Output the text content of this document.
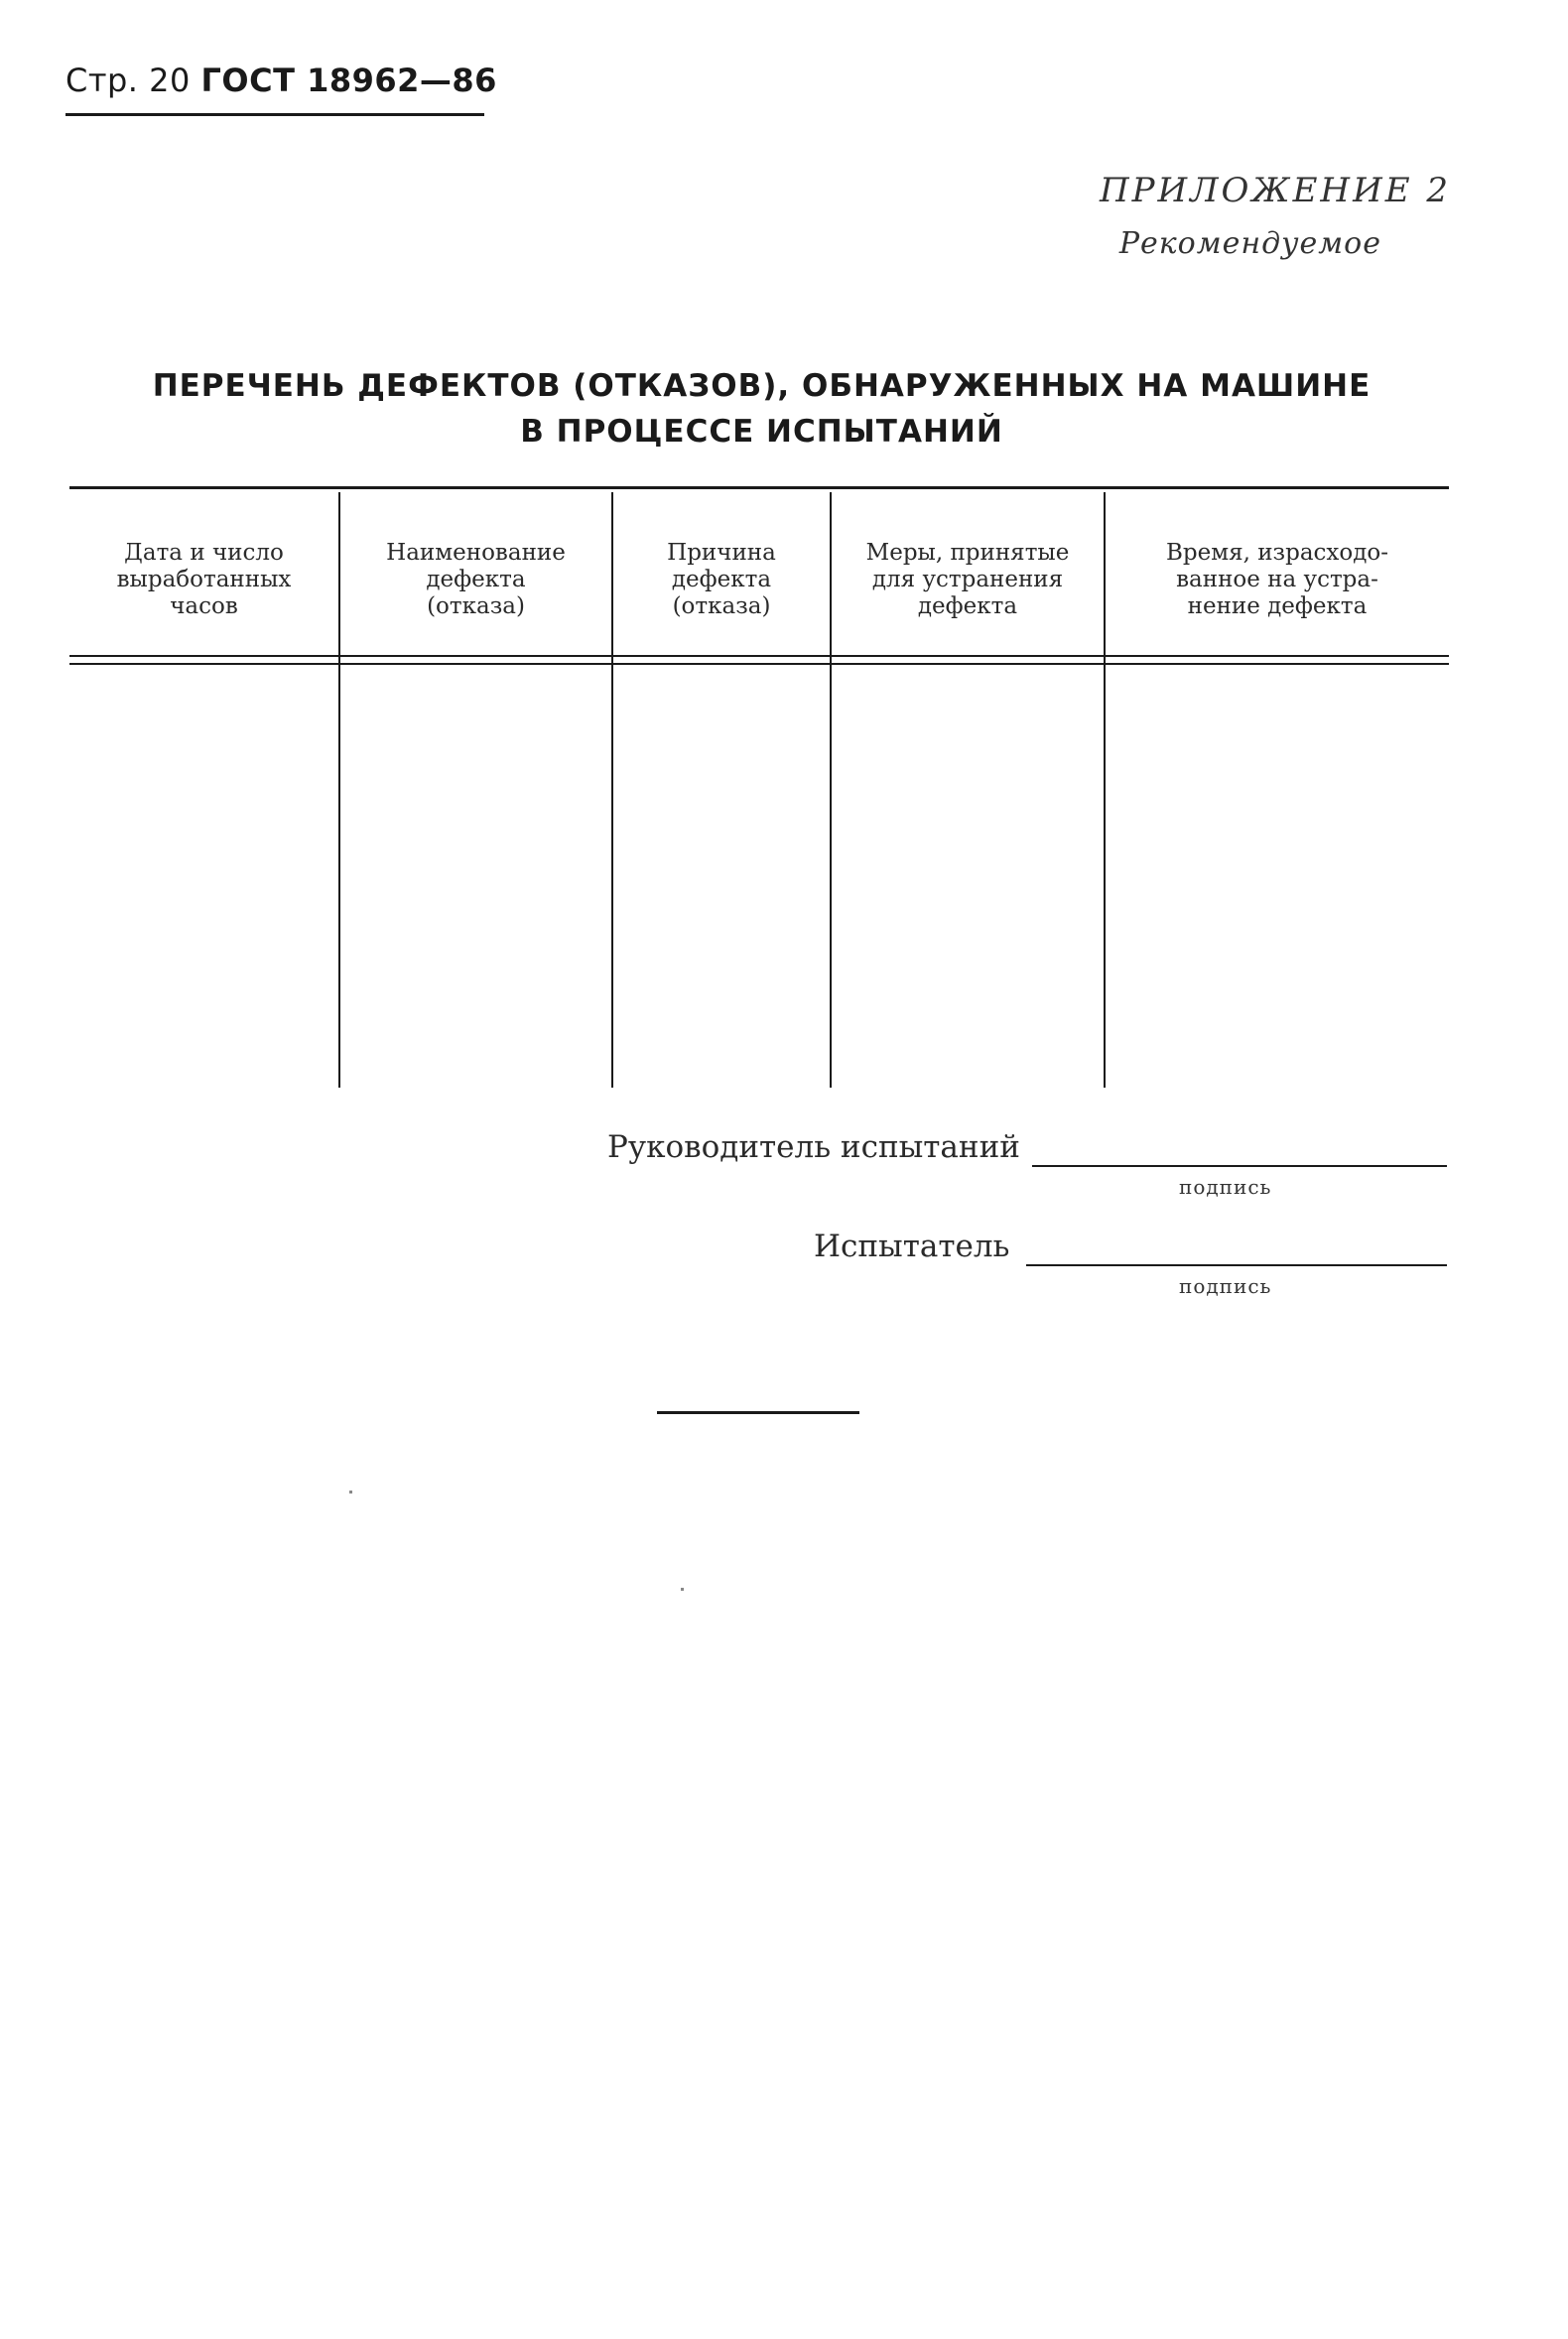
Стр. 20 ГОСТ 18962—86
ПРИЛОЖЕНИЕ 2
Рекомендуемое
ПЕРЕЧЕНЬ ДЕФЕКТОВ (ОТКАЗОВ), ОБНАРУЖЕННЫХ НА МАШИНЕ
В ПРОЦЕССЕ ИСПЫТАНИЙ
Дата и число
выработанных
часов
Наименование
дефекта
(отказа)
Причина
дефекта
(отказа)
Меры, принятые
для устранения
дефекта
Время, израсходо-
ванное на устра-
нение дефекта
Руководитель испытаний
подпись
Испытатель
подпись
